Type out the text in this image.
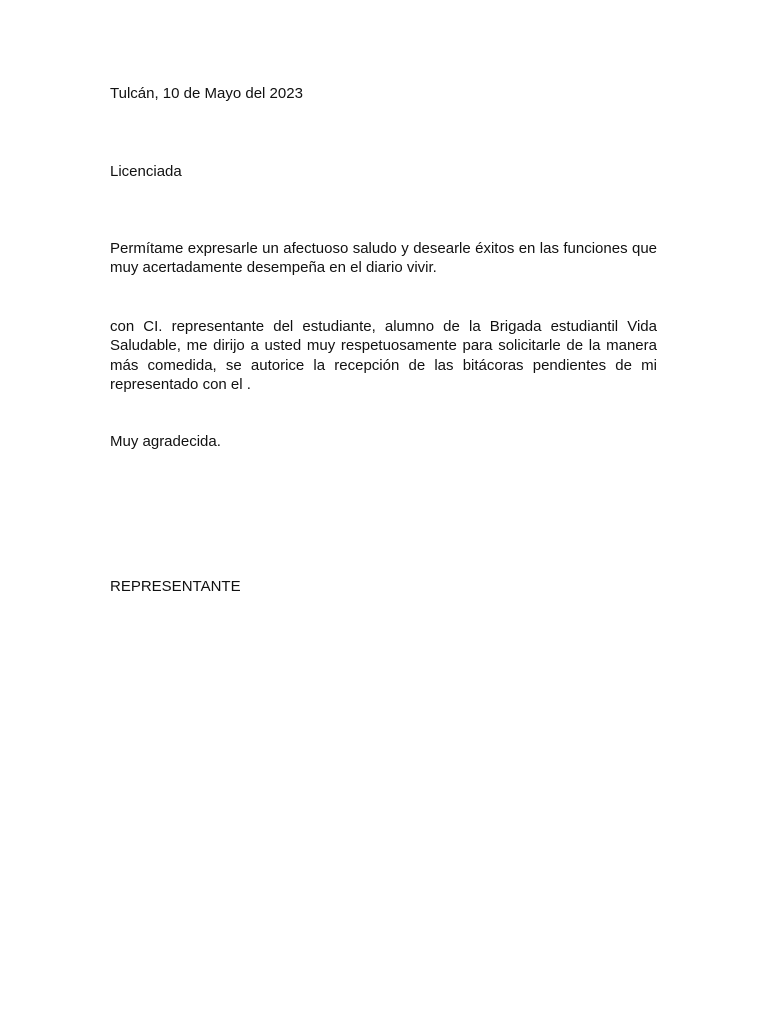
Tulcán, 10 de Mayo del 2023
Licenciada

Permítame expresarle un afectuoso saludo y desearle éxitos en las funciones que muy acertadamente desempeña en el diario vivir.

con CI. representante del estudiante, alumno de la Brigada estudiantil Vida Saludable, me dirijo a usted muy respetuosamente para solicitarle de la manera más comedida, se autorice la recepción de las bitácoras pendientes de mi representado con el .

Muy agradecida.
REPRESENTANTE
